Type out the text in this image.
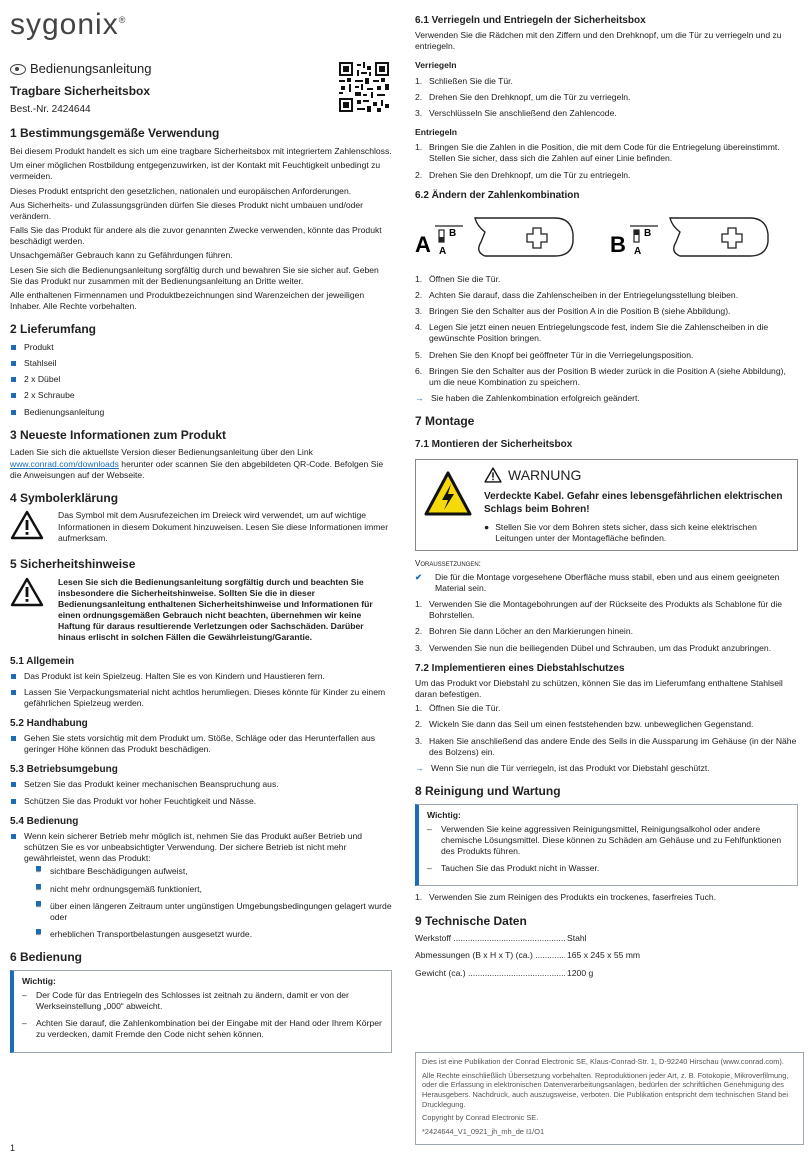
sygonix®
Bedienungsanleitung
Tragbare Sicherheitsbox
Best.-Nr. 2424644
1 Bestimmungsgemäße Verwendung

Bei diesem Produkt handelt es sich um eine tragbare Sicherheitsbox mit integriertem Zahlenschloss.

Um einer möglichen Rostbildung entgegenzuwirken, ist der Kontakt mit Feuchtigkeit unbedingt zu vermeiden.

Dieses Produkt entspricht den gesetzlichen, nationalen und europäischen Anforderungen.

Aus Sicherheits- und Zulassungsgründen dürfen Sie dieses Produkt nicht umbauen und/oder verändern.

Falls Sie das Produkt für andere als die zuvor genannten Zwecke verwenden, könnte das Produkt beschädigt werden.

Unsachgemäßer Gebrauch kann zu Gefährdungen führen.

Lesen Sie sich die Bedienungsanleitung sorgfältig durch und bewahren Sie sie sicher auf. Geben Sie das Produkt nur zusammen mit der Bedienungsanleitung an Dritte weiter.

Alle enthaltenen Firmennamen und Produktbezeichnungen sind Warenzeichen der jeweiligen Inhaber. Alle Rechte vorbehalten.

2 Lieferumfang
Produkt
Stahlseil
2 x Dübel
2 x Schraube
Bedienungsanleitung
3 Neueste Informationen zum Produkt

Laden Sie sich die aktuellste Version dieser Bedienungsanleitung über den Link www.conrad.com/downloads herunter oder scannen Sie den abgebildeten QR-Code. Befolgen Sie die Anweisungen auf der Webseite.

4 Symbolerklärung

Das Symbol mit dem Ausrufezeichen im Dreieck wird verwendet, um auf wichtige Informationen in diesem Dokument hinzuweisen. Lesen Sie diese Informationen immer aufmerksam.

5 Sicherheitshinweise

Lesen Sie sich die Bedienungsanleitung sorgfältig durch und beachten Sie insbesondere die Sicherheitshinweise. Sollten Sie die in dieser Bedienungsanleitung enthaltenen Sicherheitshinweise und Informationen für einen ordnungsgemäßen Gebrauch nicht beachten, übernehmen wir keine Haftung für daraus resultierende Verletzungen oder Sachschäden. Darüber hinaus erlischt in solchen Fällen die Gewährleistung/Garantie.

5.1 Allgemein
Das Produkt ist kein Spielzeug. Halten Sie es von Kindern und Haustieren fern.
Lassen Sie Verpackungsmaterial nicht achtlos herumliegen. Dieses könnte für Kinder zu einem gefährlichen Spielzeug werden.
5.2 Handhabung
Gehen Sie stets vorsichtig mit dem Produkt um. Stöße, Schläge oder das Herunterfallen aus geringer Höhe können das Produkt beschädigen.
5.3 Betriebsumgebung
Setzen Sie das Produkt keiner mechanischen Beanspruchung aus.
Schützen Sie das Produkt vor hoher Feuchtigkeit und Nässe.
5.4 Bedienung
Wenn kein sicherer Betrieb mehr möglich ist, nehmen Sie das Produkt außer Betrieb und schützen Sie es vor unbeabsichtigter Verwendung. Der sichere Betrieb ist nicht mehr gewährleistet, wenn das Produkt:
– sichtbare Beschädigungen aufweist,
– nicht mehr ordnungsgemäß funktioniert,
– über einen längeren Zeitraum unter ungünstigen Umgebungsbedingungen gelagert wurde oder
– erheblichen Transportbelastungen ausgesetzt wurde.
6 Bedienung
Wichtig:
– Der Code für das Entriegeln des Schlosses ist zeitnah zu ändern, damit er von der Werkseinstellung „000“ abweicht.
– Achten Sie darauf, die Zahlenkombination bei der Eingabe mit der Hand oder Ihrem Körper zu verdecken, damit Fremde den Code nicht sehen können.
6.1 Verriegeln und Entriegeln der Sicherheitsbox

Verwenden Sie die Rädchen mit den Ziffern und den Drehknopf, um die Tür zu verriegeln und zu entriegeln.

Verriegeln
1. Schließen Sie die Tür.
2. Drehen Sie den Drehknopf, um die Tür zu verriegeln.
3. Verschlüsseln Sie anschließend den Zahlencode.
Entriegeln
1. Bringen Sie die Zahlen in die Position, die mit dem Code für die Entriegelung übereinstimmt. Stellen Sie sicher, dass sich die Zahlen auf einer Linie befinden.
2. Drehen Sie den Drehknopf, um die Tür zu entriegeln.
6.2 Ändern der Zahlenkombination
A B
A	B B
A
1. Öffnen Sie die Tür.
2. Achten Sie darauf, dass die Zahlenscheiben in der Entriegelungsstellung bleiben.
3. Bringen Sie den Schalter aus der Position A in die Position B (siehe Abbildung).
4. Legen Sie jetzt einen neuen Entriegelungscode fest, indem Sie die Zahlenscheiben in die gewünschte Position bringen.
5. Drehen Sie den Knopf bei geöffneter Tür in die Verriegelungsposition.
6. Bringen Sie den Schalter aus der Position B wieder zurück in die Position A (siehe Abbildung), um die neue Kombination zu speichern.
→ Sie haben die Zahlenkombination erfolgreich geändert.
7 Montage
7.1 Montieren der Sicherheitsbox
WARNUNG
Verdeckte Kabel. Gefahr eines lebensgefährlichen elektrischen Schlags beim Bohren!
● Stellen Sie vor dem Bohren stets sicher, dass sich keine elektrischen Leitungen unter der Montagefläche befinden.
Voraussetzungen:
✔	Die für die Montage vorgesehene Oberfläche muss stabil, eben und aus einem geeigneten Material sein.
1. Verwenden Sie die Montagebohrungen auf der Rückseite des Produkts als Schablone für die Bohrstellen.
2. Bohren Sie dann Löcher an den Markierungen hinein.
3. Verwenden Sie nun die beiliegenden Dübel und Schrauben, um das Produkt anzubringen.
7.2 Implementieren eines Diebstahlschutzes

Um das Produkt vor Diebstahl zu schützen, können Sie das im Lieferumfang enthaltene Stahlseil daran befestigen.

1. Öffnen Sie die Tür.
2. Wickeln Sie dann das Seil um einen feststehenden bzw. unbeweglichen Gegenstand.
3. Haken Sie anschließend das andere Ende des Seils in die Aussparung im Gehäuse (in der Nähe des Bolzens) ein.
→ Wenn Sie nun die Tür verriegeln, ist das Produkt vor Diebstahl geschützt.
8 Reinigung und Wartung
Wichtig:
– Verwenden Sie keine aggressiven Reinigungsmittel, Reinigungsalkohol oder andere chemische Lösungsmittel. Diese können zu Schäden am Gehäuse und zu Fehlfunktionen des Produkts führen.
– Tauchen Sie das Produkt nicht in Wasser.
1. Verwenden Sie zum Reinigen des Produkts ein trockenes, faserfreies Tuch.
9 Technische Daten
Werkstoff .....	Stahl
Abmessungen (B x H x T) (ca.) .....	165 x 245 x 55 mm
Gewicht (ca.) .....	1200 g

Dies ist eine Publikation der Conrad Electronic SE, Klaus-Conrad-Str. 1, D-92240 Hirschau (www.conrad.com).

Alle Rechte einschließlich Übersetzung vorbehalten. Reproduktionen jeder Art, z. B. Fotokopie, Mikroverfilmung, oder die Erfassung in elektronischen Datenverarbeitungsanlagen, bedürfen der schriftlichen Genehmigung des Herausgebers. Nachdruck, auch auszugsweise, verboten. Die Publikation entspricht dem technischen Stand bei Drucklegung.

Copyright by Conrad Electronic SE.

*2424644_V1_0921_jh_mh_de I1/O1

1
